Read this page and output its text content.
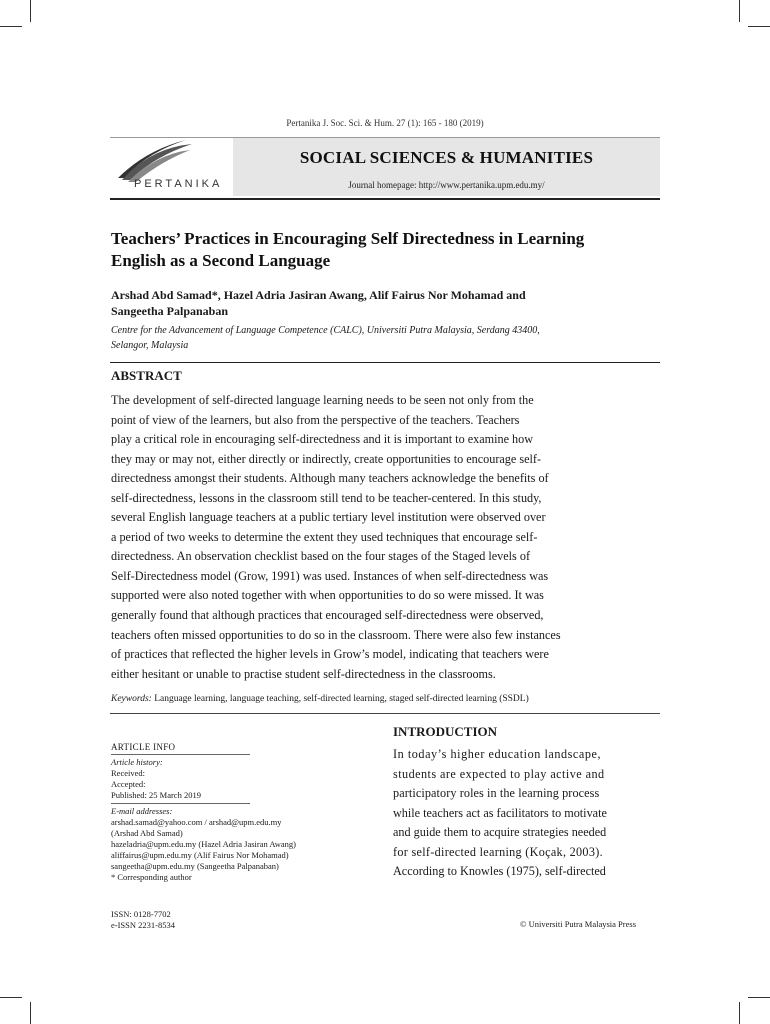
Pertanika J. Soc. Sci. & Hum. 27 (1): 165 - 180 (2019)
PERTANIKA
SOCIAL SCIENCES & HUMANITIES
Journal homepage: http://www.pertanika.upm.edu.my/
Teachers’ Practices in Encouraging Self Directedness in Learning
English as a Second Language
Arshad Abd Samad*, Hazel Adria Jasiran Awang, Alif Fairus Nor Mohamad and
Sangeetha Palpanaban
Centre for the Advancement of Language Competence (CALC), Universiti Putra Malaysia, Serdang 43400,
Selangor, Malaysia
ABSTRACT

The development of self-directed language learning needs to be seen not only from the
point of view of the learners, but also from the perspective of the teachers. Teachers
play a critical role in encouraging self-directedness and it is important to examine how
they may or may not, either directly or indirectly, create opportunities to encourage self-
directedness amongst their students. Although many teachers acknowledge the benefits of
self-directedness, lessons in the classroom still tend to be teacher-centered. In this study,
several English language teachers at a public tertiary level institution were observed over
a period of two weeks to determine the extent they used techniques that encourage self-
directedness. An observation checklist based on the four stages of the Staged levels of
Self-Directedness model (Grow, 1991) was used. Instances of when self-directedness was
supported were also noted together with when opportunities to do so were missed. It was
generally found that although practices that encouraged self-directedness were observed,
teachers often missed opportunities to do so in the classroom. There were also few instances
of practices that reflected the higher levels in Grow’s model, indicating that teachers were
either hesitant or unable to practise student self-directedness in the classrooms.

Keywords: Language learning, language teaching, self-directed learning, staged self-directed learning (SSDL)
ARTICLE INFO
Article history:
Received:
Accepted:
Published: 25 March 2019
E-mail addresses:
arshad.samad@yahoo.com / arshad@upm.edu.my
(Arshad Abd Samad)
hazeladria@upm.edu.my (Hazel Adria Jasiran Awang)
aliffairus@upm.edu.my (Alif Fairus Nor Mohamad)
sangeetha@upm.edu.my (Sangeetha Palpanaban)
* Corresponding author
INTRODUCTION

In today’s higher education landscape,
students are expected to play active and
participatory roles in the learning process
while teachers act as facilitators to motivate
and guide them to acquire strategies needed
for self-directed learning (Koçak, 2003).
According to Knowles (1975), self-directed

ISSN: 0128-7702
e-ISSN 2231-8534	© Universiti Putra Malaysia Press
